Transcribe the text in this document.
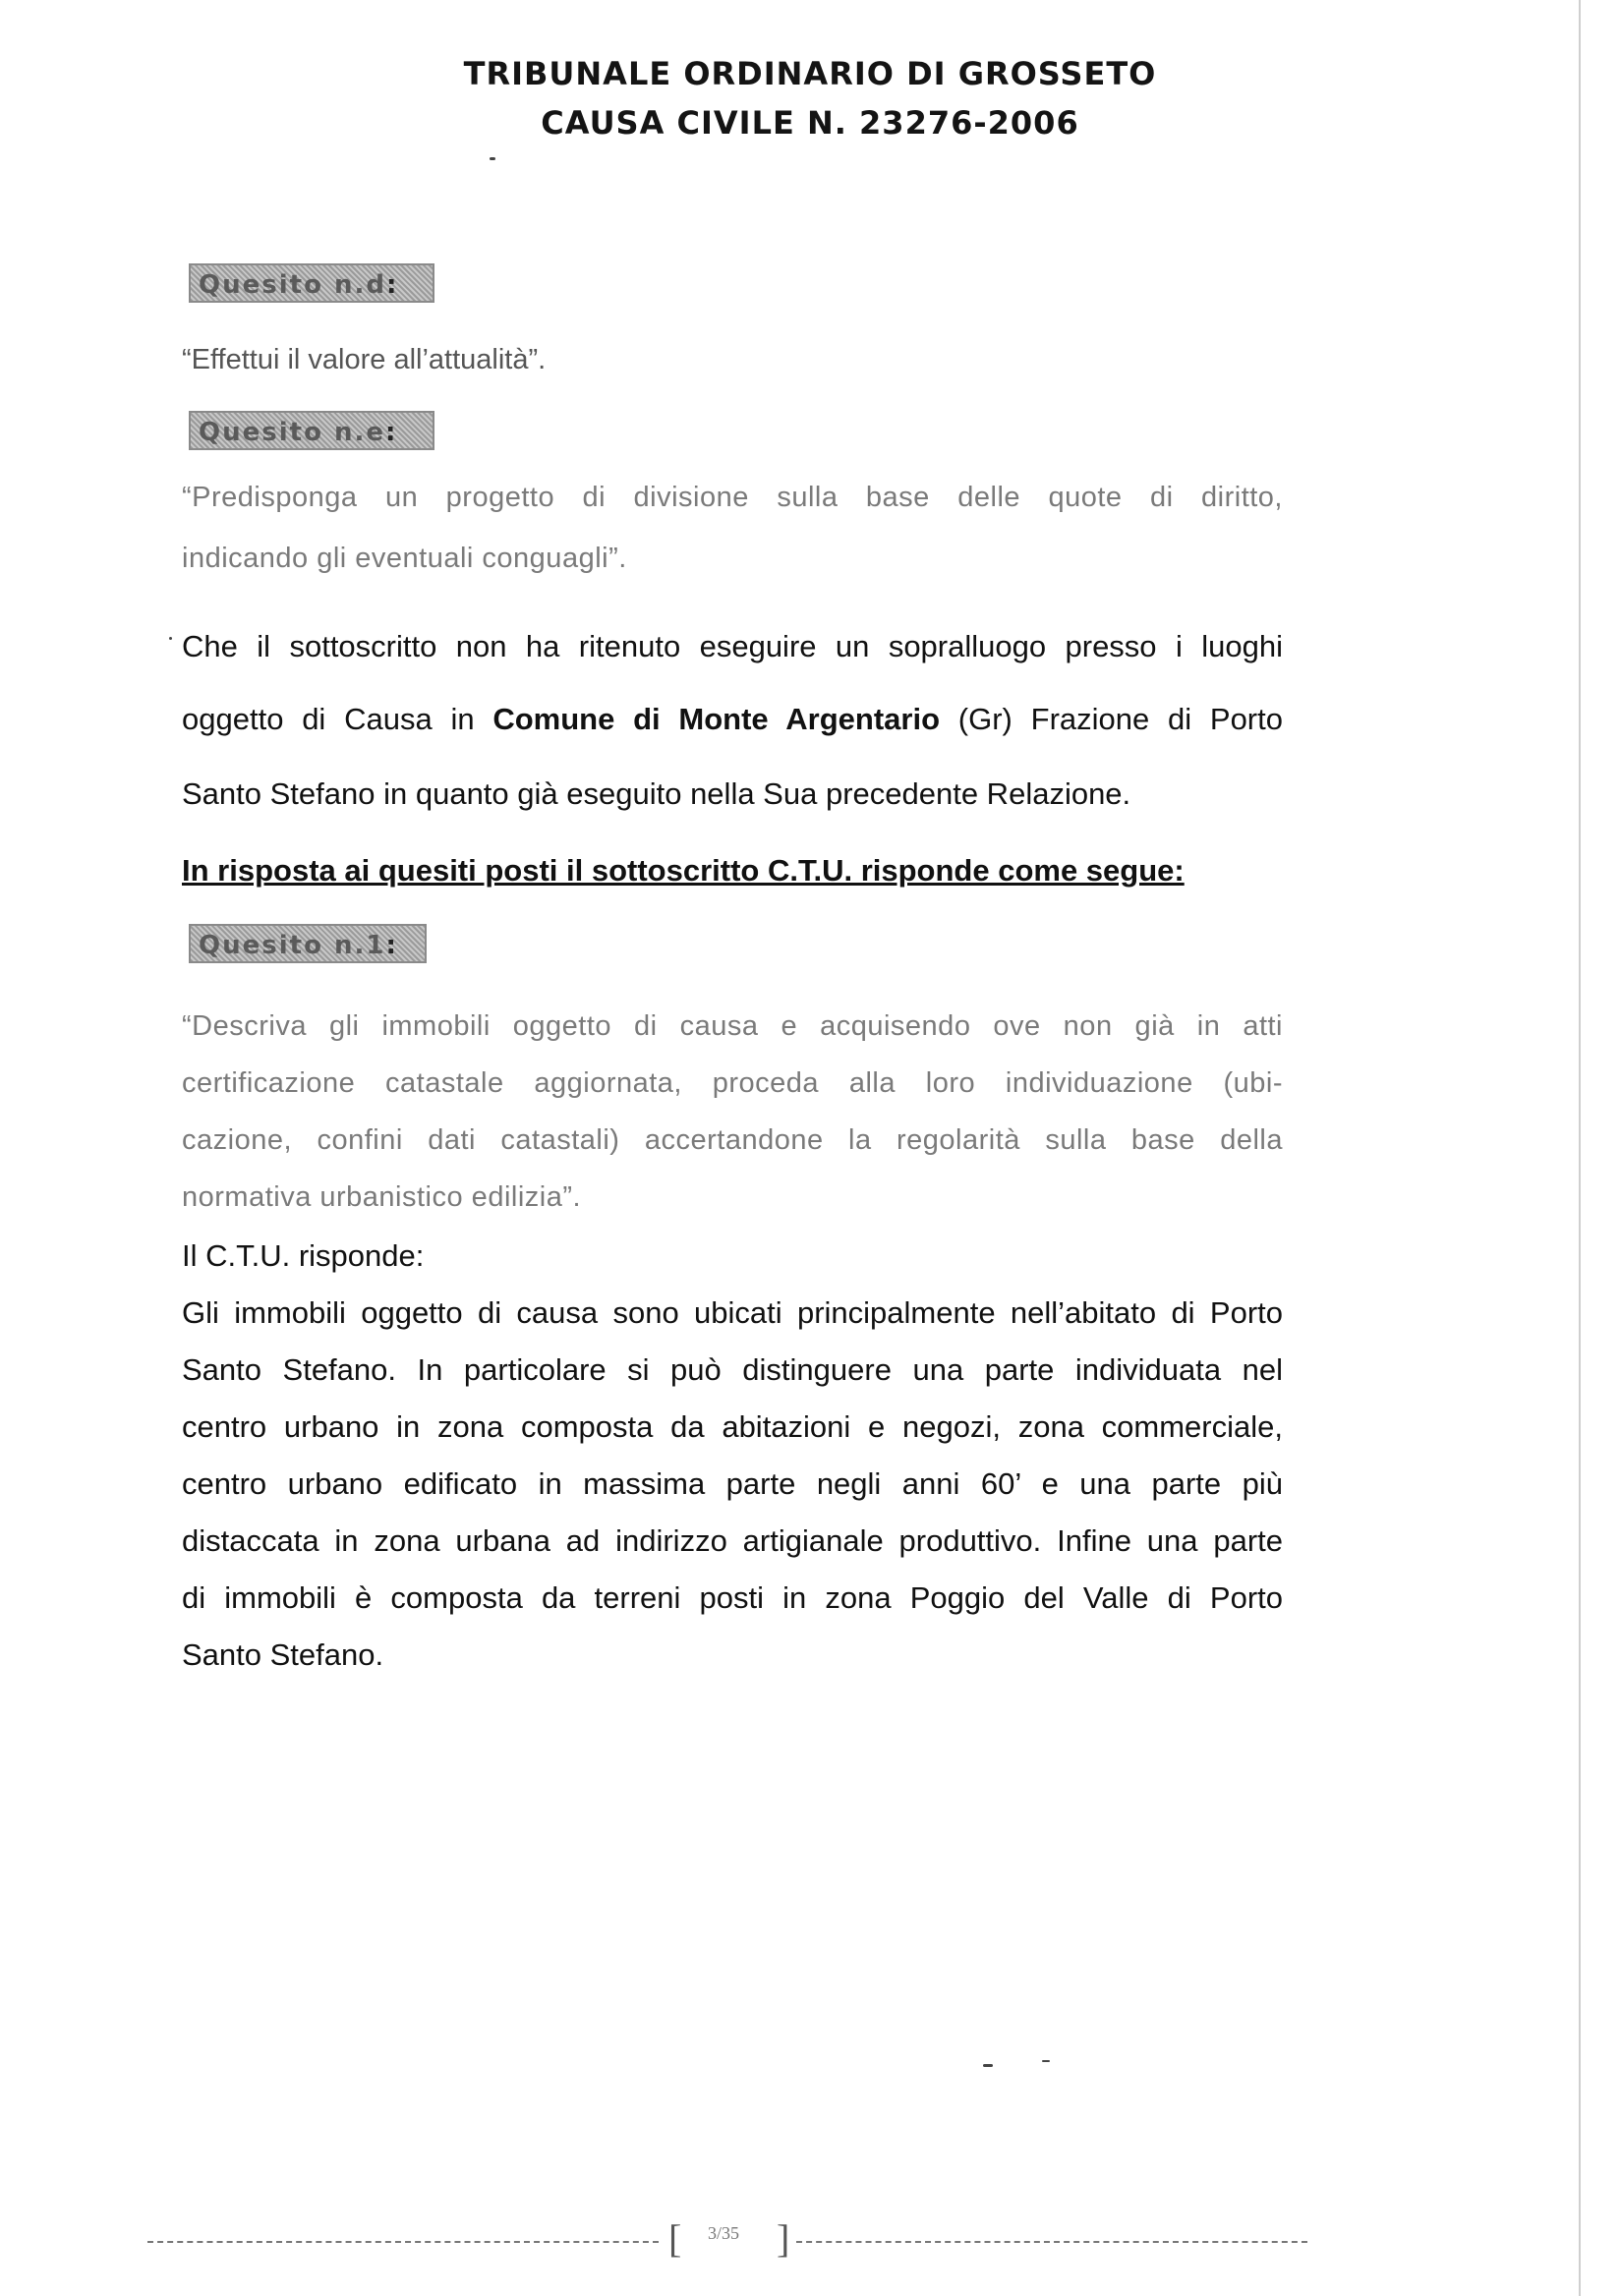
TRIBUNALE ORDINARIO DI GROSSETO
CAUSA CIVILE N. 23276-2006
Quesito n.d:
“Effettui il valore all’attualità”.
Quesito n.e:
“Predisponga un progetto di divisione sulla base delle quote di diritto,
indicando gli eventuali conguagli”.
Che il sottoscritto non ha ritenuto eseguire un sopralluogo presso i luoghi
oggetto di Causa in Comune di Monte Argentario (Gr) Frazione di Porto
Santo Stefano in quanto già eseguito nella Sua precedente Relazione.
In risposta ai quesiti posti il sottoscritto C.T.U. risponde come segue:
Quesito n.1:
“Descriva gli immobili oggetto di causa e acquisendo ove non già in atti
certificazione catastale aggiornata, proceda alla loro individuazione (ubi-
cazione, confini dati catastali) accertandone la regolarità sulla base della
normativa urbanistico edilizia”.
Il C.T.U. risponde:
Gli immobili oggetto di causa sono ubicati principalmente nell’abitato di Porto
Santo Stefano. In particolare si può distinguere una parte individuata nel
centro urbano in zona composta da abitazioni e negozi, zona commerciale,
centro urbano edificato in massima parte negli anni 60’ e una parte più
distaccata in zona urbana ad indirizzo artigianale produttivo. Infine una parte
di immobili è composta da terreni posti in zona Poggio del Valle di Porto
Santo Stefano.
[ 3/35 ]
